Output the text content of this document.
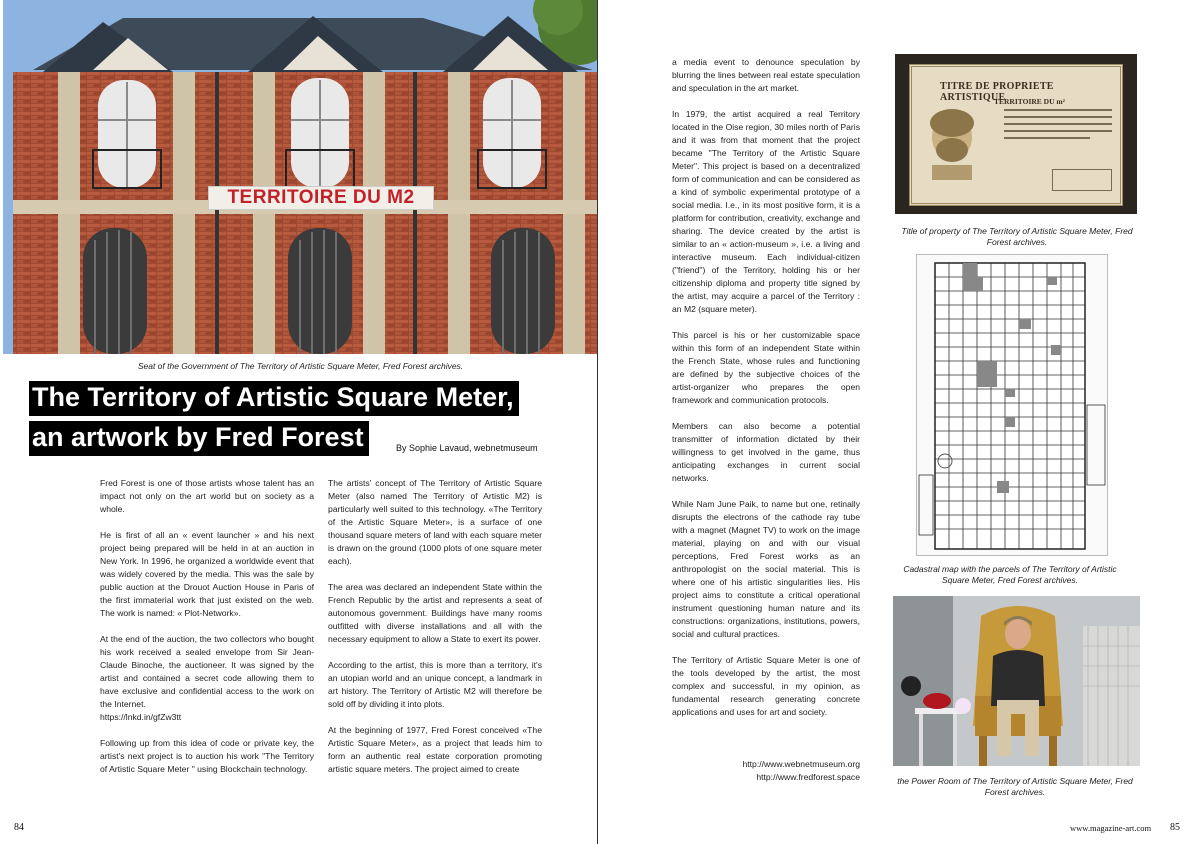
TERRITOIRE DU M2
Seat of the Government of The Territory of Artistic Square Meter, Fred Forest archives.
The Territory of Artistic Square Meter,
an artwork by Fred Forest	By Sophie Lavaud, webnetmuseum

Fred Forest is one of those artists whose talent has an impact not only on the art world but on society as a whole.

He is first of all an « event launcher » and his next project being prepared will be held in at an auction in New York. In 1996, he organized a worldwide event that was widely covered by the media. This was the sale by public auction at the Drouot Auction House in Paris of the first immaterial work that just existed on the web. The work is named: « Plot-Network».

At the end of the auction, the two collectors who bought his work received a sealed envelope from Sir Jean-Claude Binoche, the auctioneer. It was signed by the artist and contained a secret code allowing them to have exclusive and confidential access to the work on the Internet.

https://lnkd.in/gfZw3tt

Following up from this idea of code or private key, the artist's next project is to auction his work "The Territory of Artistic Square Meter " using Blockchain technology.

The artists' concept of The Territory of Artistic Square Meter (also named The Territory of Artistic M2) is particularly well suited to this technology. «The Territory of the Artistic Square Meter», is a surface of one thousand square meters of land with each square meter is drawn on the ground (1000 plots of one square meter each).

The area was declared an independent State within the French Republic by the artist and represents a seat of autonomous government. Buildings have many rooms outfitted with diverse installations and all with the necessary equipment to allow a State to exert its power.

According to the artist, this is more than a territory, it's an utopian world and an unique concept, a landmark in art history. The Territory of Artistic M2 will therefore be sold off by dividing it into plots.

At the beginning of 1977, Fred Forest conceived «The Artistic Square Meter», as a project that leads him to form an authentic real estate corporation promoting artistic square meters. The project aimed to create

84

a media event to denounce speculation by blurring the lines between real estate speculation and speculation in the art market.

In 1979, the artist acquired a real Territory located in the Oise region, 30 miles north of Paris and it was from that moment that the project became "The Territory of the Artistic Square Meter". This project is based on a decentralized form of communication and can be considered as a kind of symbolic experimental prototype of a social media. I.e., in its most positive form, it is a platform for contribution, creativity, exchange and sharing. The device created by the artist is similar to an « action-museum », i.e. a living and interactive museum. Each individual-citizen ("friend") of the Territory, holding his or her citizenship diploma and property title signed by the artist, may acquire a parcel of the Territory : an M2 (square meter).

This parcel is his or her customizable space within this form of an independent State within the French State, whose rules and functioning are defined by the subjective choices of the artist-organizer who prepares the open framework and communication protocols.

Members can also become a potential transmitter of information dictated by their willingness to get involved in the game, thus anticipating exchanges in current social networks.

While Nam June Paik, to name but one, retinally disrupts the electrons of the cathode ray tube with a magnet (Magnet TV) to work on the image material, playing on and with our visual perceptions, Fred Forest works as an anthropologist on the social material. This is where one of his artistic singularities lies. His project aims to constitute a critical operational instrument questioning human nature and its constructions: organizations, institutions, powers, social and cultural practices.

The Territory of Artistic Square Meter is one of the tools developed by the artist, the most complex and successful, in my opinion, as fundamental research generating concrete applications and uses for art and society.

http://www.webnetmuseum.org
http://www.fredforest.space
TITRE DE PROPRIETE ARTISTIQUE
TERRITOIRE DU m²
Title of property of The Territory of Artistic Square Meter, Fred Forest archives.
Cadastral map with the parcels of The Territory of Artistic Square Meter, Fred Forest archives.
the Power Room of The Territory of Artistic Square Meter, Fred Forest archives.
www.magazine-art.com 85
